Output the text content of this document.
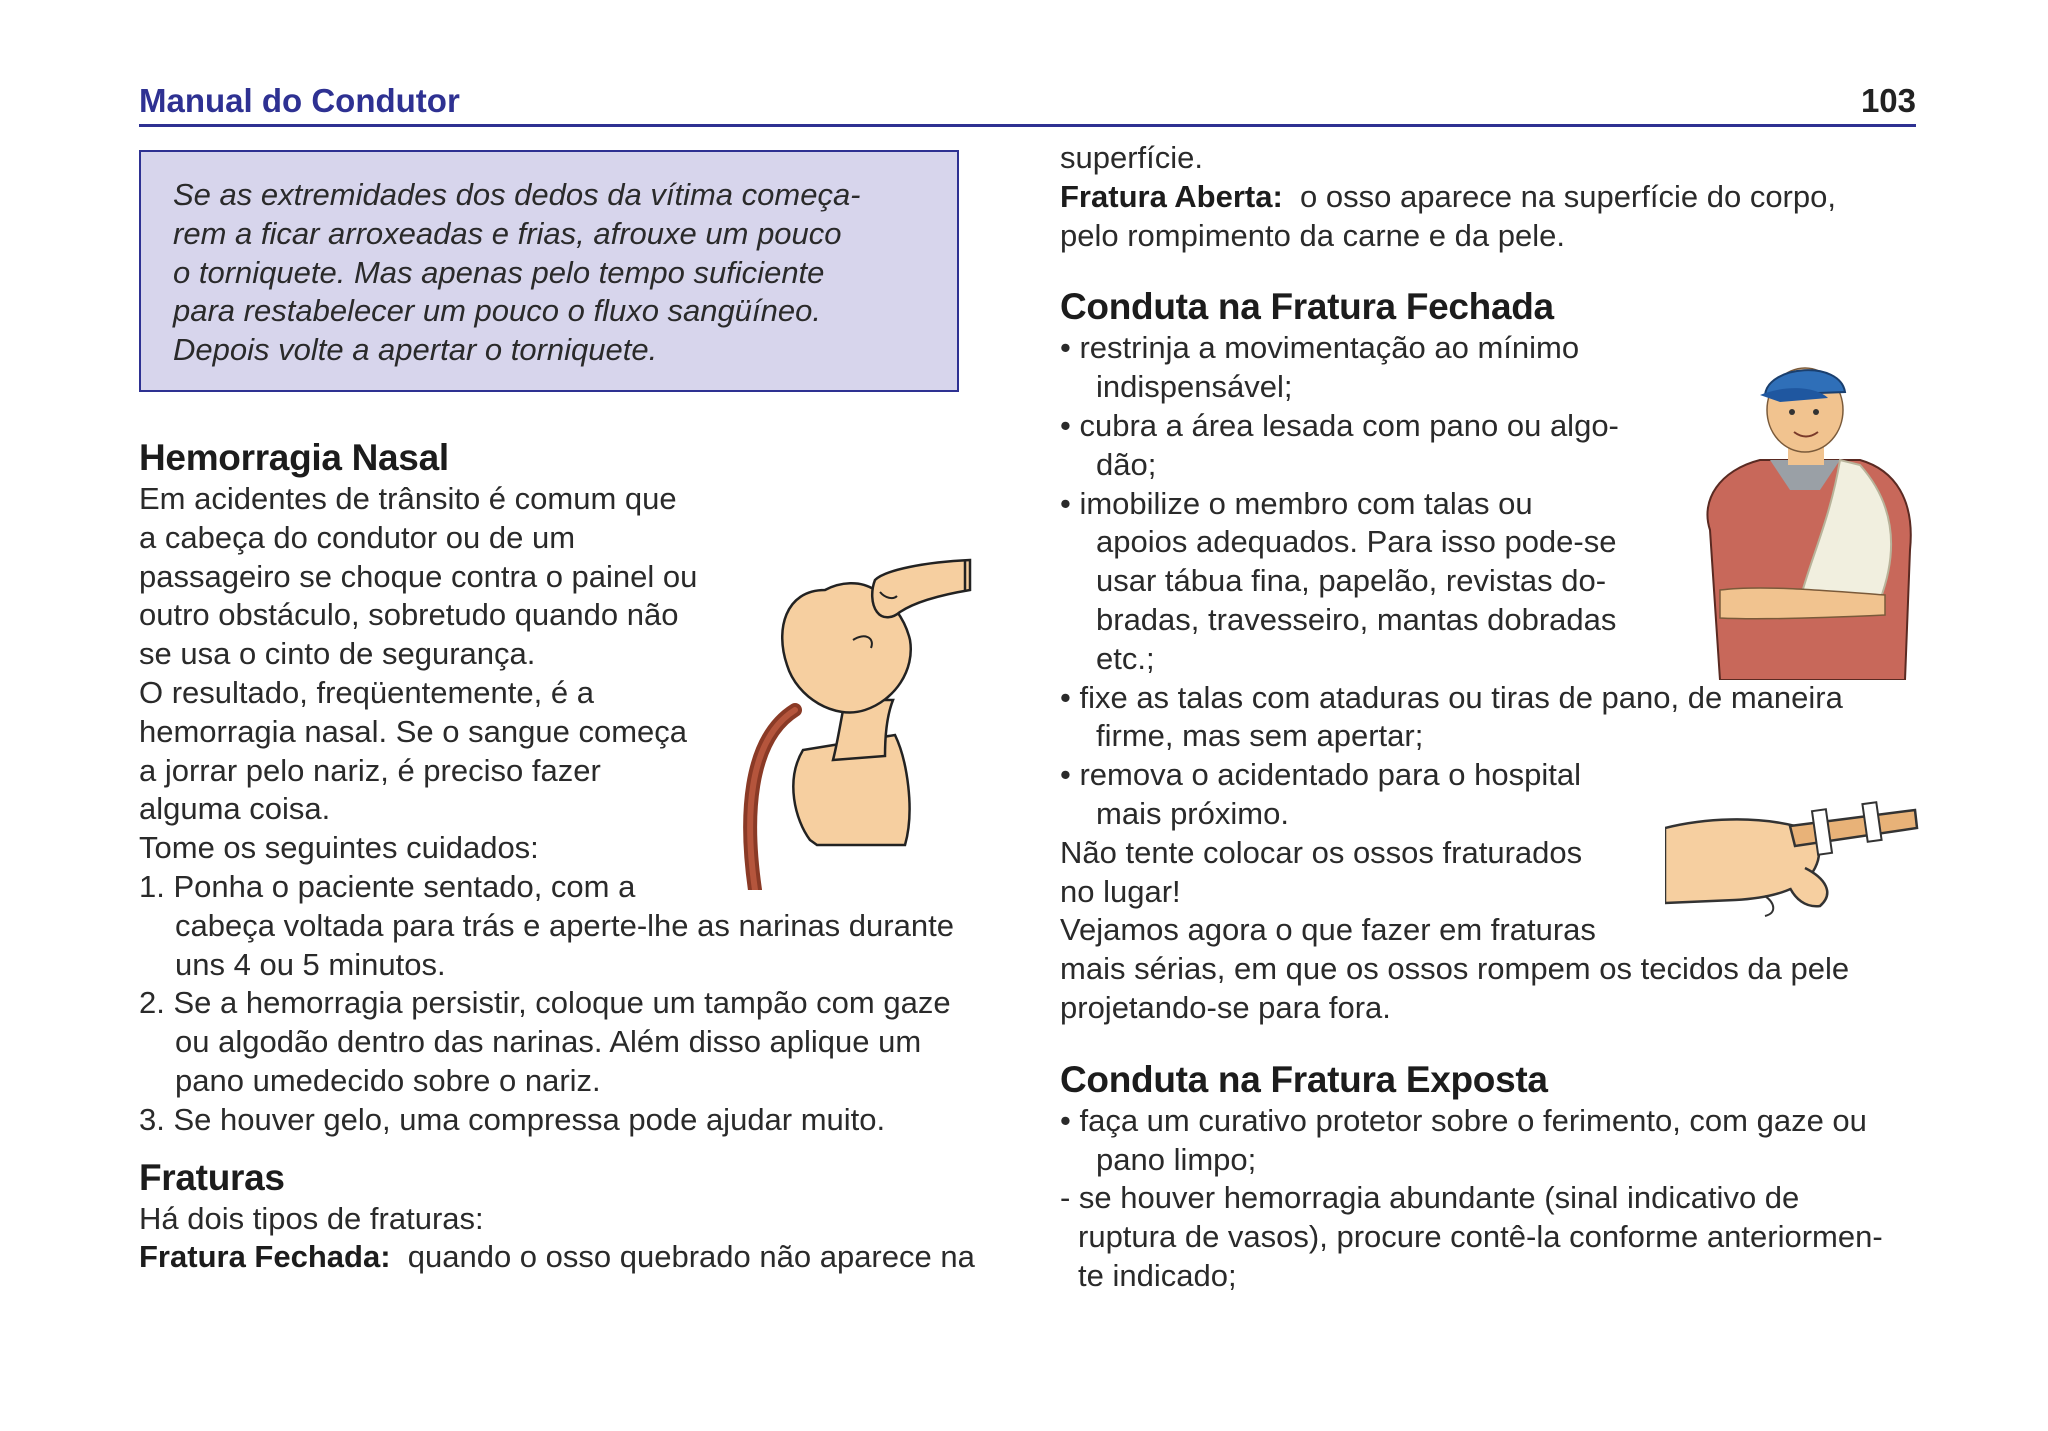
Manual do Condutor	103

Se as extremidades dos dedos da vítima começa-

rem a ficar arroxeadas e frias, afrouxe um pouco

o torniquete. Mas apenas pelo tempo suficiente

para restabelecer um pouco o fluxo sangüíneo.

Depois volte a apertar o torniquete.

Hemorragia Nasal

Em acidentes de trânsito é comum que

a cabeça do condutor ou de um

passageiro se choque contra o painel ou

outro obstáculo, sobretudo quando não

se usa o cinto de segurança.

O resultado, freqüentemente, é a

hemorragia nasal. Se o sangue começa

a jorrar pelo nariz, é preciso fazer

alguma coisa.

Tome os seguintes cuidados:

1. Ponha o paciente sentado, com a

cabeça voltada para trás e aperte-lhe as narinas durante

uns 4 ou 5 minutos.

2. Se a hemorragia persistir, coloque um tampão com gaze

ou algodão dentro das narinas. Além disso aplique um

pano umedecido sobre o nariz.

3. Se houver gelo, uma compressa pode ajudar muito.

Fraturas

Há dois tipos de fraturas:

Fratura Fechada: quando o osso quebrado não aparece na

superfície.

Fratura Aberta: o osso aparece na superfície do corpo,

pelo rompimento da carne e da pele.

Conduta na Fratura Fechada

• restrinja a movimentação ao mínimo

indispensável;

• cubra a área lesada com pano ou algo-

dão;

• imobilize o membro com talas ou

apoios adequados. Para isso pode-se

usar tábua fina, papelão, revistas do-

bradas, travesseiro, mantas dobradas

etc.;

• fixe as talas com ataduras ou tiras de pano, de maneira

firme, mas sem apertar;

• remova o acidentado para o hospital

mais próximo.

Não tente colocar os ossos fraturados

no lugar!

Vejamos agora o que fazer em fraturas

mais sérias, em que os ossos rompem os tecidos da pele

projetando-se para fora.

Conduta na Fratura Exposta

• faça um curativo protetor sobre o ferimento, com gaze ou

pano limpo;

- se houver hemorragia abundante (sinal indicativo de

ruptura de vasos), procure contê-la conforme anteriormen-

te indicado;
